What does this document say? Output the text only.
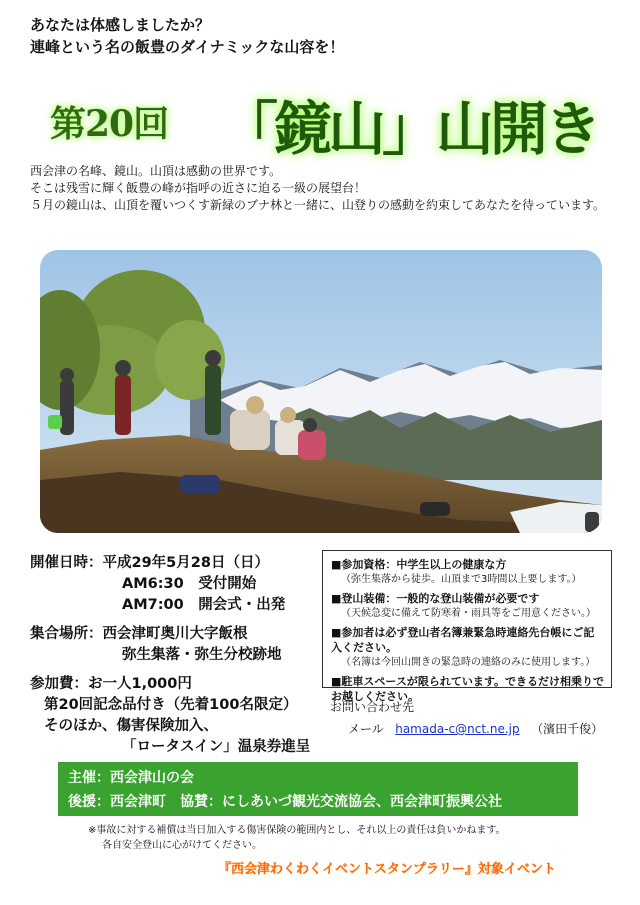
あなたは体感しましたか？
連峰という名の飯豊のダイナミックな山容を！
第20回 「鏡山」山開き
西会津の名峰、鏡山。山頂は感動の世界です。
そこは残雪に輝く飯豊の峰が指呼の近さに迫る一級の展望台！
５月の鏡山は、山頂を覆いつくす新緑のブナ林と一緒に、山登りの感動を約束してあなたを待っています。
開催日時：平成29年5月28日（日）
AM6:30　受付開始
AM7:00　開会式・出発
集合場所：西会津町奥川大字飯根
弥生集落・弥生分校跡地
参加費：お一人1,000円
第20回記念品付き（先着100名限定）
そのほか、傷害保険加入、
「ロータスイン」温泉券進呈
■参加資格：中学生以上の健康な方
（弥生集落から徒歩。山頂まで3時間以上要します。）
■登山装備：一般的な登山装備が必要です
（天候急変に備えて防寒着・雨具等をご用意ください。）
■参加者は必ず登山者名簿兼緊急時連絡先台帳にご記入ください。
（名簿は今回山開きの緊急時の連絡のみに使用します。）
■駐車スペースが限られています。できるだけ相乗りでお越しください。
お問い合わせ先
メール hamada-c@nct.ne.jp （濱田千俊）
主催：西会津山の会
後援：西会津町　協賛：にしあいづ観光交流協会、西会津町振興公社
※事故に対する補償は当日加入する傷害保険の範囲内とし、それ以上の責任は負いかねます。
各自安全登山に心がけてください。
『西会津わくわくイベントスタンプラリー』対象イベント
